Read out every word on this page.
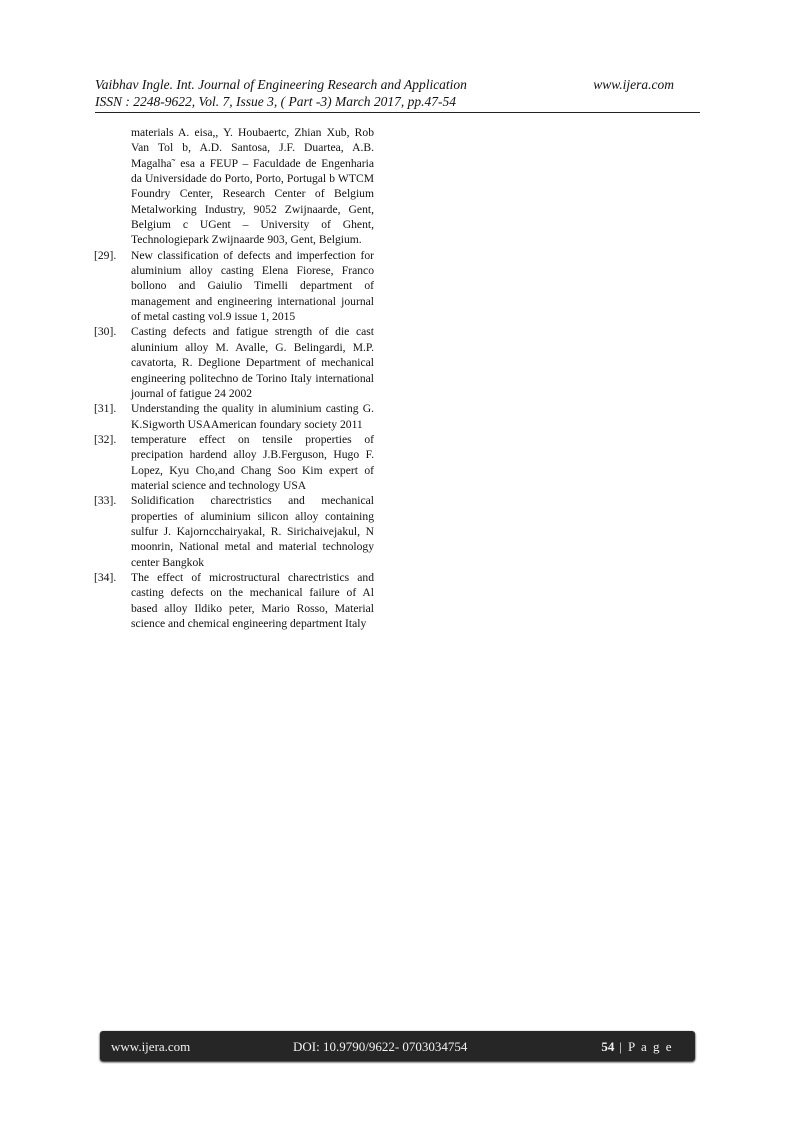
Vaibhav Ingle. Int. Journal of Engineering Research and Application	www.ijera.com
ISSN : 2248-9622, Vol. 7, Issue 3, ( Part -3) March 2017, pp.47-54

materials A. eisa,, Y. Houbaertc, Zhian Xub, Rob Van Tol b, A.D. Santosa, J.F. Duartea, A.B. Magalha˜ esa a FEUP – Faculdade de Engenharia da Universidade do Porto, Porto, Portugal b WTCM Foundry Center, Research Center of Belgium Metalworking Industry, 9052 Zwijnaarde, Gent, Belgium c UGent – University of Ghent, Technologiepark Zwijnaarde 903, Gent, Belgium.

[29].	New classification of defects and imperfection for aluminium alloy casting Elena Fiorese, Franco bollono and Gaiulio Timelli department of management and engineering international journal of metal casting vol.9 issue 1, 2015

[30].	Casting defects and fatigue strength of die cast aluninium alloy M. Avalle, G. Belingardi, M.P. cavatorta, R. Deglione Department of mechanical engineering politechno de Torino Italy international journal of fatigue 24 2002

[31].	Understanding the quality in aluminium casting G. K.Sigworth USAAmerican foundary society 2011

[32].	temperature effect on tensile properties of precipation hardend alloy J.B.Ferguson, Hugo F. Lopez, Kyu Cho,and Chang Soo Kim expert of material science and technology USA

[33].	Solidification charectristics and mechanical properties of aluminium silicon alloy containing sulfur J. Kajorncchairyakal, R. Sirichaivejakul, N moonrin, National metal and material technology center Bangkok

[34].	The effect of microstructural charectristics and casting defects on the mechanical failure of Al based alloy Ildiko peter, Mario Rosso, Material science and chemical engineering department Italy

www.ijera.com	DOI: 10.9790/9622- 0703034754	54 | P a g e
